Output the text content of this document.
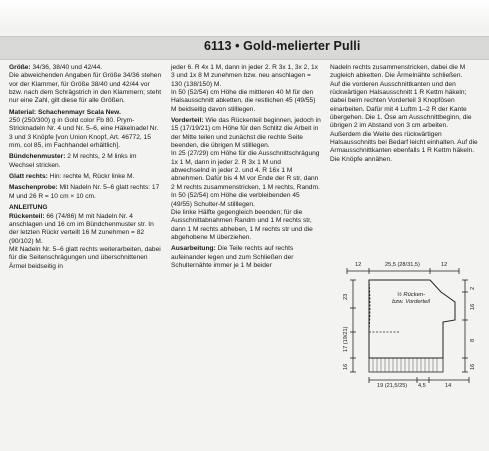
6113 • Gold-melierter Pulli

Größe: 34/36, 38/40 und 42/44.
Die abweichenden Angaben für Größe 34/36 stehen vor der Klammer, für Größe 38/40 und 42/44 vor bzw. nach dem Schrägstrich in den Klammern; steht nur eine Zahl, gilt diese für alle Größen.

Material: Schachenmayr Scala New.
250 (250/300) g in Gold color Fb 80. Prym-Stricknadeln Nr. 4 und Nr. 5–6, eine Häkelnadel Nr. 3 und 3 Knöpfe [von Union Knopf, Art. 46772, 15 mm, col 85, im Fachhandel erhältlich].

Bündchenmuster: 2 M rechts, 2 M links im Wechsel stricken.

Glatt rechts: Hin: rechte M, Rückr linke M.

Maschenprobe: Mit Nadeln Nr. 5–6 glatt rechts: 17 M und 26 R = 10 cm × 10 cm.

ANLEITUNG

Rückenteil: 66 (74/86) M mit Nadeln Nr. 4 anschlagen und 16 cm im Bündchenmuster str. In der letzten Rückr verteilt 16 M zunehmen = 82 (90/102) M.

Mit Nadeln Nr. 5–6 glatt rechts weiterarbeiten, dabei für die Seitenschrägungen und überschnittenen Ärmel beidseitig in

jeder 6. R 4x 1 M, dann in jeder 2. R 3x 1, 3x 2, 1x 3 und 1x 8 M zunehmen bzw. neu anschlagen = 130 (138/150) M.

In 50 (52/54) cm Höhe die mittleren 40 M für den Halsausschnitt abketten, die restlichen 45 (49/55) M beidseitig davon stilllegen.

Vorderteil: Wie das Rückenteil beginnen, jedoch in 15 (17/19/21) cm Höhe für den Schlitz die Arbeit in der Mitte teilen und zunächst die rechte Seite beenden, die übrigen M stilllegen.

In 25 (27/29) cm Höhe für die Ausschnittschrägung 1x 1 M, dann in jeder 2. R 3x 1 M und abwechselnd in jeder 2. und 4. R 16x 1 M abnehmen. Dafür bis 4 M vor Ende der R str, dann 2 M rechts zusammenstricken, 1 M rechts, Randm.

In 50 (52/54) cm Höhe die verbleibenden 45 (49/55) Schulter-M stilllegen.

Die linke Hälfte gegengleich beenden; für die Ausschnittabnahmen Randm und 1 M rechts str, dann 1 M rechts abheben, 1 M rechts str und die abgehobene M überziehen.

Ausarbeitung: Die Teile rechts auf rechts aufeinander legen und zum Schließen der Schulternähte immer je 1 M beider

Nadeln rechts zusammenstricken, dabei die M zugleich abketten. Die Ärmelnähte schließen.

Auf die vorderen Ausschnittkanten und den rückwärtigen Halsausschnitt 1 R Kettm häkeln; dabei beim rechten Vorderteil 3 Knopfösen einarbeiten. Dafür mit 4 Luftm 1–2 R der Kante übergehen. Die 1. Öse am Ausschnittbeginn, die übrigen 2 im Abstand von 3 cm arbeiten. Außerdem die Weite des rückwärtigen Halsausschnitts bei Bedarf leicht einhalten. Auf die Armausschnittkanten ebenfalls 1 R Kettm häkeln.

Die Knöpfe annähen.

12	25,5 (28/31,5)	12
23
17 (19/21)
16
2
16
8
16
½ Rücken- bzw. Vorderteil
19 (21,5/25) 4,5	14
